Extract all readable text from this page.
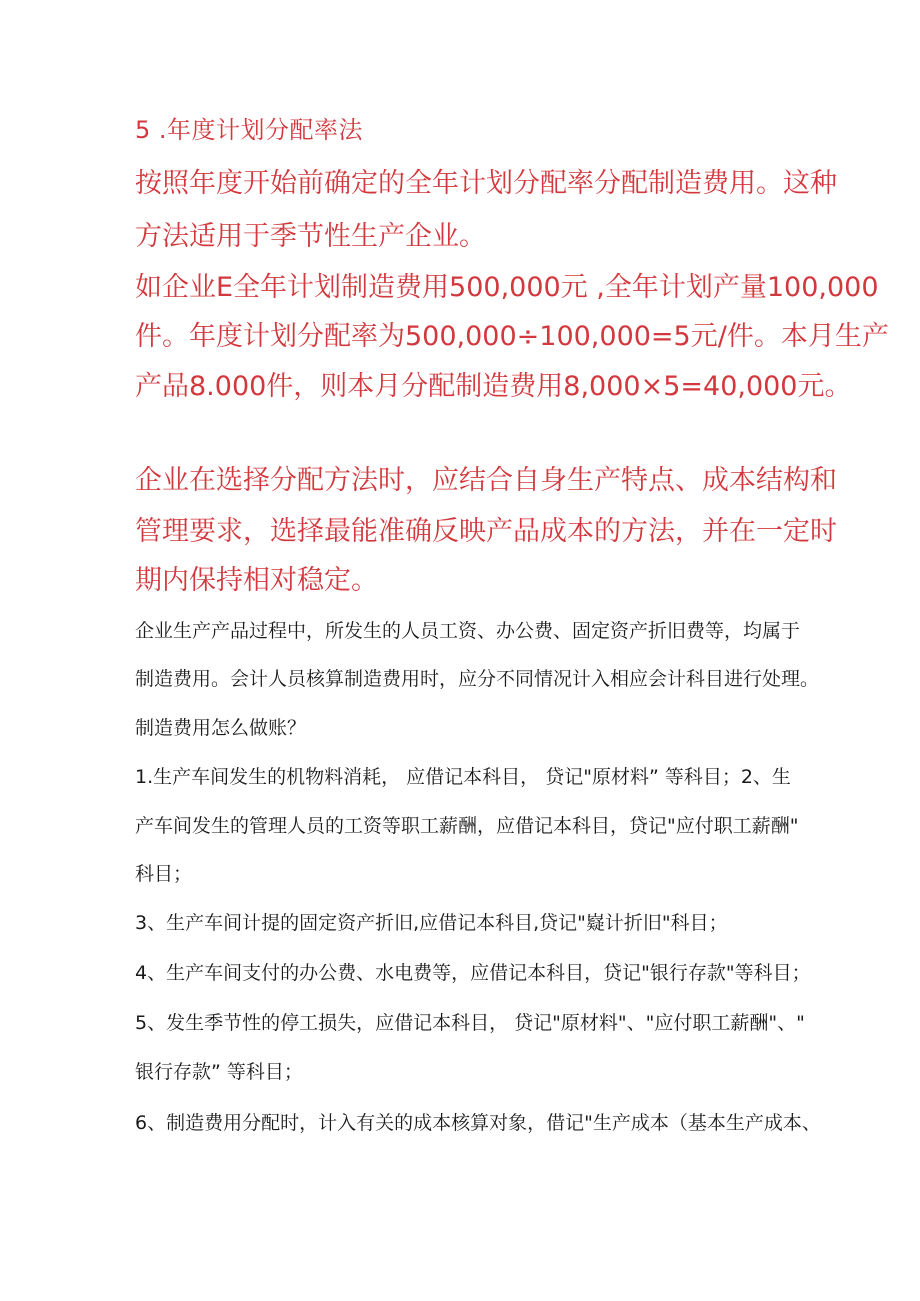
5 .年度计划分配率法

按照年度开始前确定的全年计划分配率分配制造费用。这种

方法适用于季节性生产企业。

如企业E全年计划制造费用500,000元 ,全年计划产量100,000

件。年度计划分配率为500,000÷100,000=5元/件。本月生产

产品8.000件，则本月分配制造费用8,000×5=40,000元。

企业在选择分配方法时，应结合自身生产特点、成本结构和

管理要求，选择最能准确反映产品成本的方法，并在一定时

期内保持相对稳定。

企业生产产品过程中，所发生的人员工资、办公费、固定资产折旧费等，均属于

制造费用。会计人员核算制造费用时，应分不同情况计入相应会计科目进行处理。

制造费用怎么做账？

1.生产车间发生的机物料消耗， 应借记本科目， 贷记"原材料” 等科目；2、生

产车间发生的管理人员的工资等职工薪酬，应借记本科目，贷记"应付职工薪酬"

科目；

3、生产车间计提的固定资产折旧,应借记本科目,贷记"嶷计折旧"科目；

4、生产车间支付的办公费、水电费等，应借记本科目，贷记"银行存款"等科目；

5、发生季节性的停工损失，应借记本科目， 贷记"原材料"、"应付职工薪酬"、"

银行存款” 等科目；

6、制造费用分配时，计入有关的成本核算对象，借记"生产成本（基本生产成本、
